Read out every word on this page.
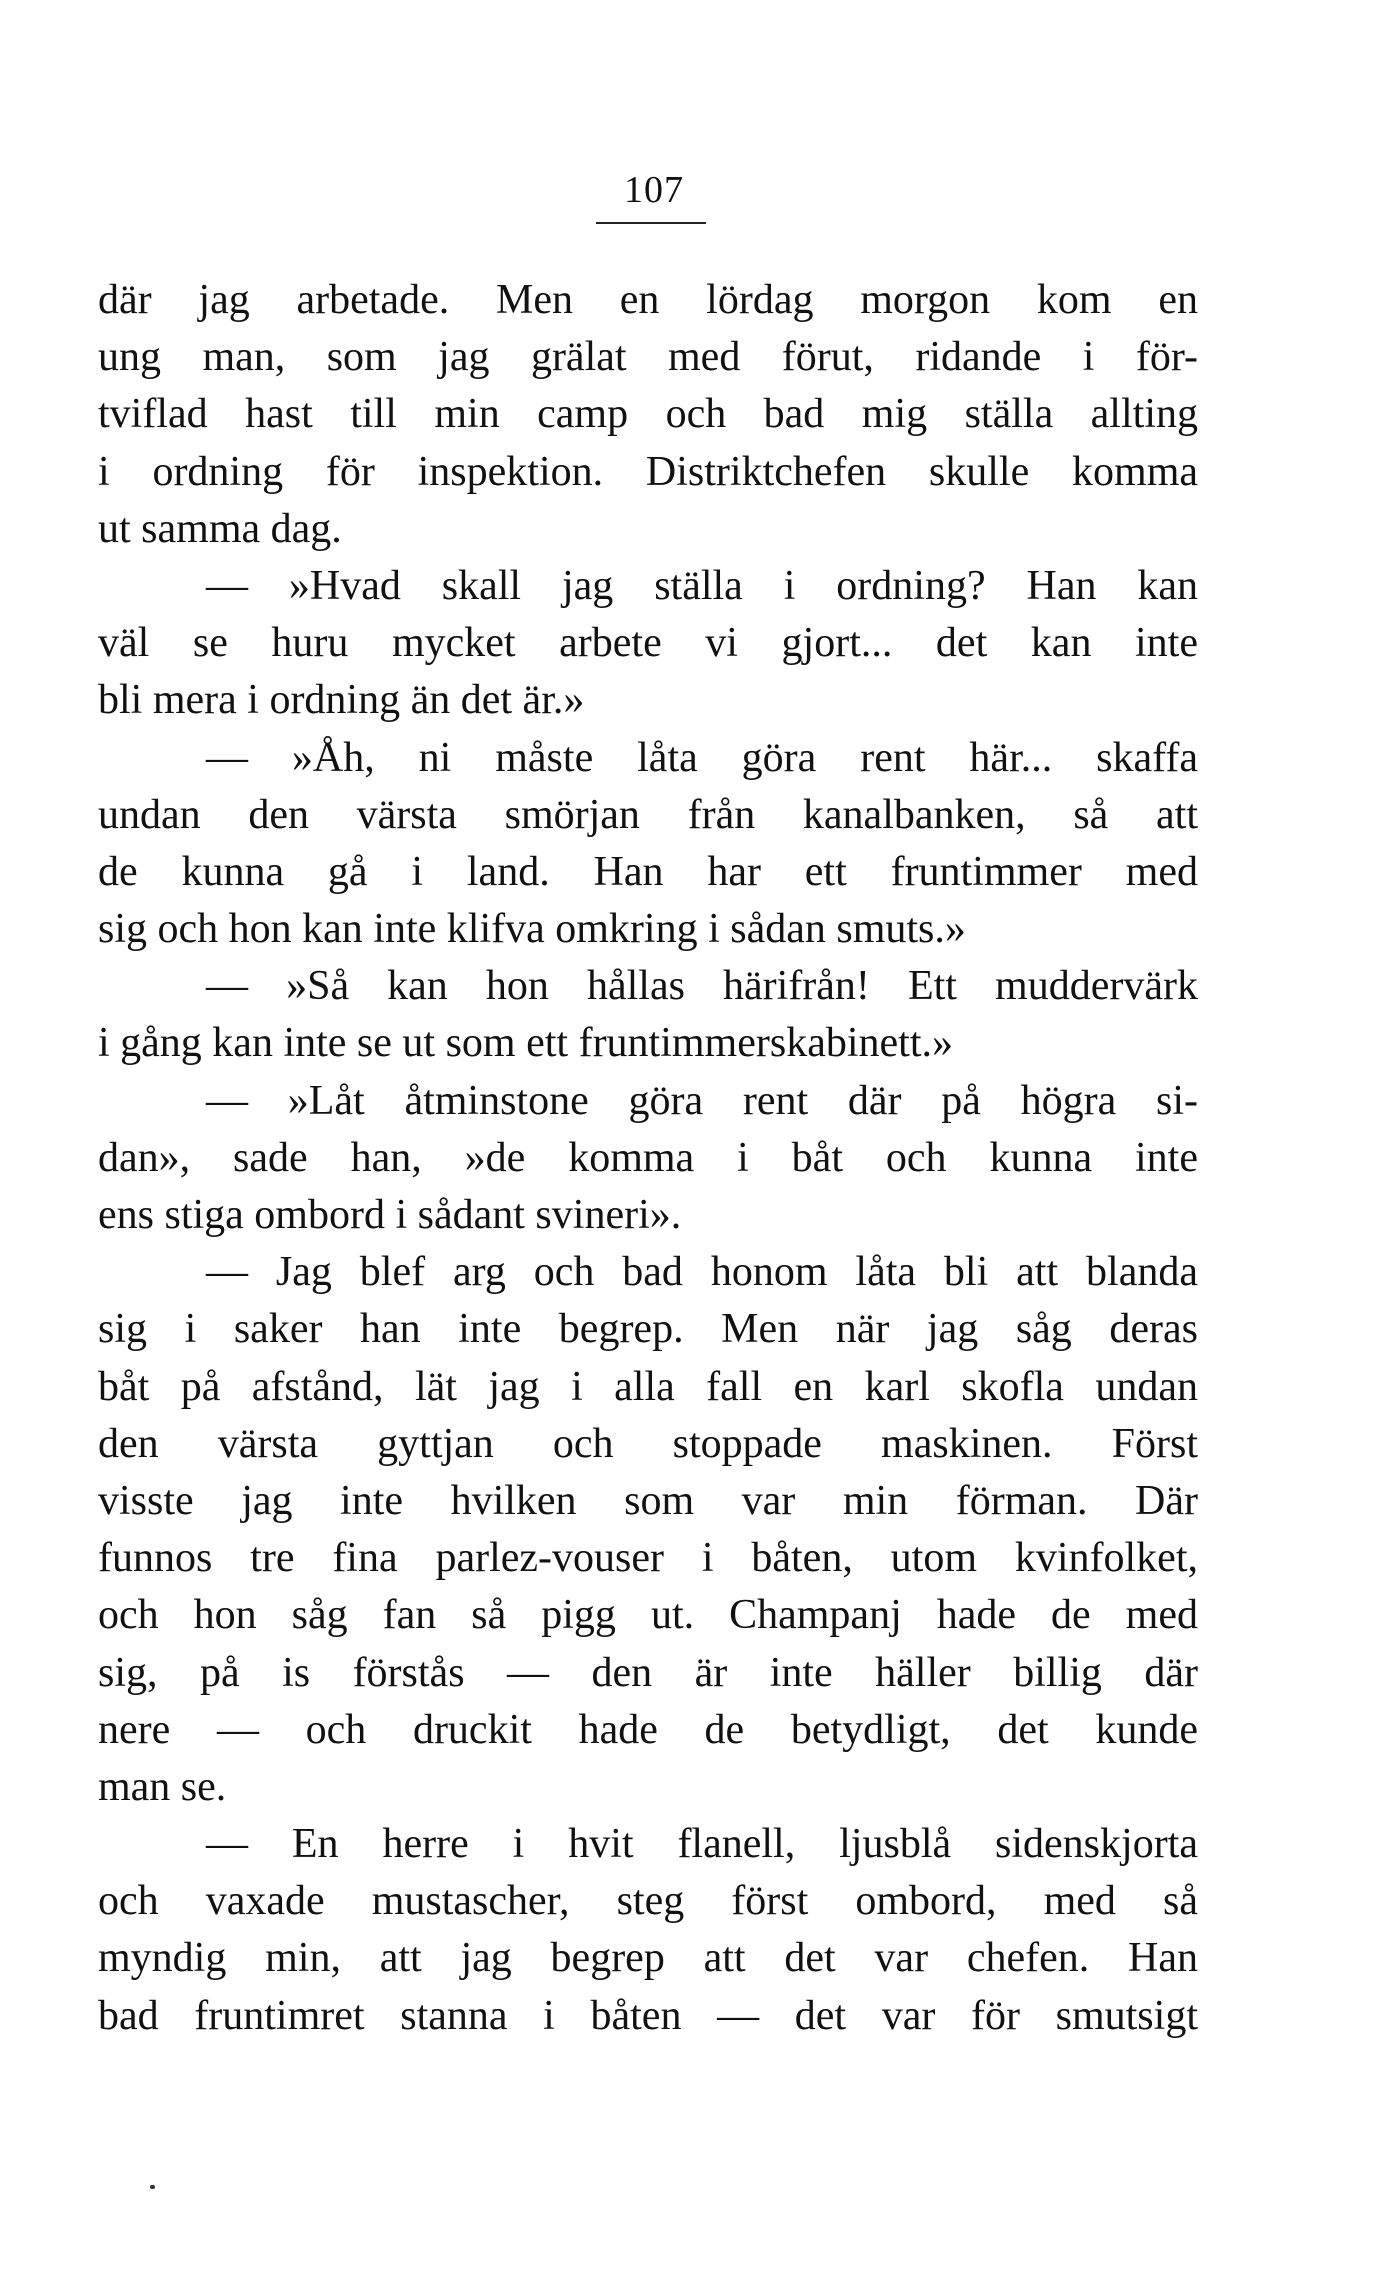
107
där jag arbetade. Men en lördag morgon kom en
ung man, som jag grälat med förut, ridande i för-
tviflad hast till min camp och bad mig ställa allting
i ordning för inspektion. Distriktchefen skulle komma
ut samma dag.
— »Hvad skall jag ställa i ordning? Han kan
väl se huru mycket arbete vi gjort... det kan inte
bli mera i ordning än det är.»
— »Åh, ni måste låta göra rent här... skaffa
undan den värsta smörjan från kanalbanken, så att
de kunna gå i land. Han har ett fruntimmer med
sig och hon kan inte klifva omkring i sådan smuts.»
— »Så kan hon hållas härifrån! Ett muddervärk
i gång kan inte se ut som ett fruntimmerskabinett.»
— »Låt åtminstone göra rent där på högra si-
dan», sade han, »de komma i båt och kunna inte
ens stiga ombord i sådant svineri».
— Jag blef arg och bad honom låta bli att blanda
sig i saker han inte begrep. Men när jag såg deras
båt på afstånd, lät jag i alla fall en karl skofla undan
den värsta gyttjan och stoppade maskinen. Först
visste jag inte hvilken som var min förman. Där
funnos tre fina parlez-vouser i båten, utom kvinfolket,
och hon såg fan så pigg ut. Champanj hade de med
sig, på is förstås — den är inte häller billig där
nere — och druckit hade de betydligt, det kunde
man se.
— En herre i hvit flanell, ljusblå sidenskjorta
och vaxade mustascher, steg först ombord, med så
myndig min, att jag begrep att det var chefen. Han
bad fruntimret stanna i båten — det var för smutsigt
